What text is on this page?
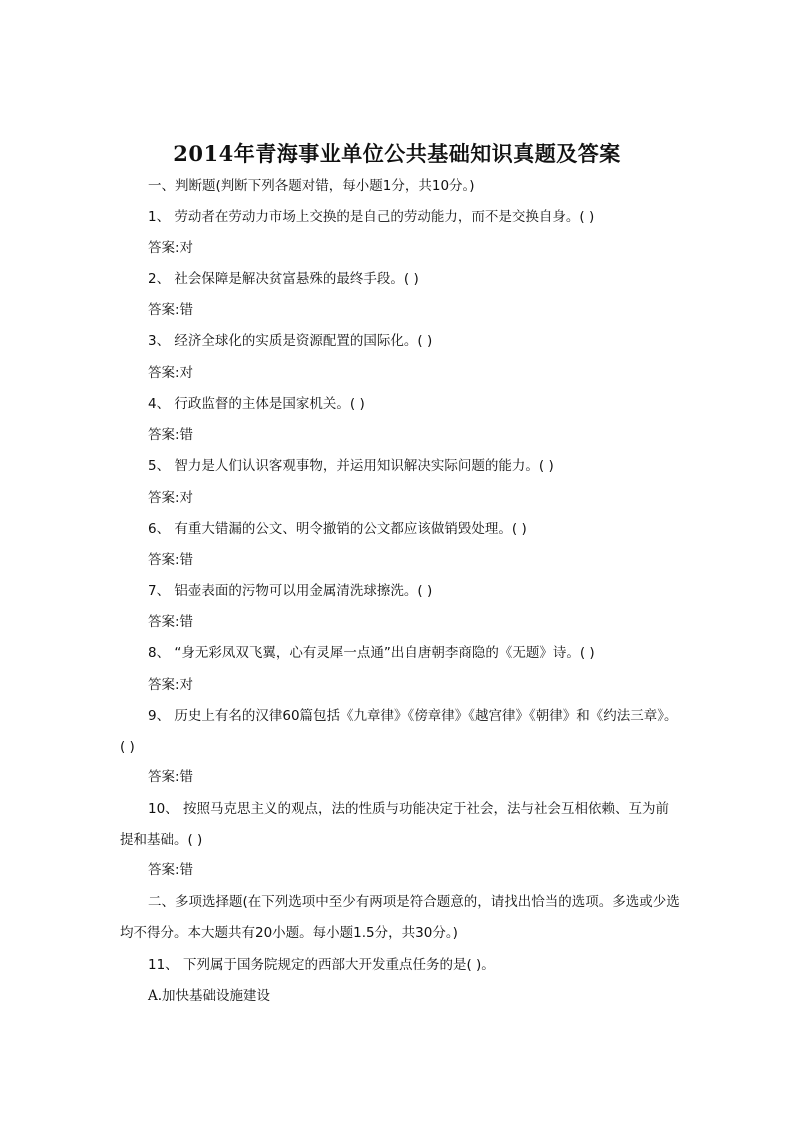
2014年青海事业单位公共基础知识真题及答案
一、判断题(判断下列各题对错，每小题1分，共10分。)
1、 劳动者在劳动力市场上交换的是自己的劳动能力，而不是交换自身。( )
答案:对
2、 社会保障是解决贫富悬殊的最终手段。( )
答案:错
3、 经济全球化的实质是资源配置的国际化。( )
答案:对
4、 行政监督的主体是国家机关。( )
答案:错
5、 智力是人们认识客观事物，并运用知识解决实际问题的能力。( )
答案:对
6、 有重大错漏的公文、明令撤销的公文都应该做销毁处理。( )
答案:错
7、 铝壶表面的污物可以用金属清洗球擦洗。( )
答案:错
8、 “身无彩凤双飞翼，心有灵犀一点通”出自唐朝李商隐的《无题》诗。( )
答案:对
9、 历史上有名的汉律60篇包括《九章律》《傍章律》《越宫律》《朝律》和《约法三章》。( )
答案:错
10、 按照马克思主义的观点，法的性质与功能决定于社会，法与社会互相依赖、互为前提和基础。( )
答案:错
二、多项选择题(在下列选项中至少有两项是符合题意的，请找出恰当的选项。多选或少选均不得分。本大题共有20小题。每小题1.5分，共30分。)
11、 下列属于国务院规定的西部大开发重点任务的是( )。
A.加快基础设施建设
